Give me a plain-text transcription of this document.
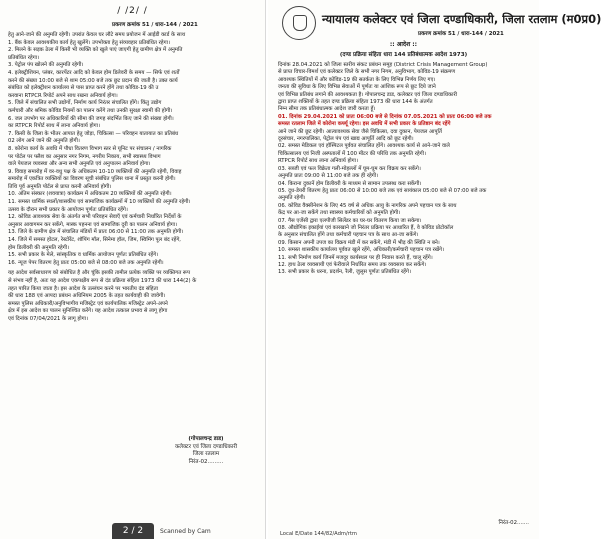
/ /2/ /
प्रकरण क्रमांक 51 / धारा-144 / 2021
हेतु आने-जाने की अनुमति रहेगी। उपरांत केवल घर लौटे समय प्रयोजन में आईडी कार्ड के साथ
1. बैंक केवल आवश्यकीय कार्य हेतु खुलेंगे। उपभोक्ता हेतु संव्यवहार प्रतिबंधित रहेगा।
2. मिलने के सड़क ठेला में किसी भी व्यक्ति को खुले पाएं जाएगी हेतु ग्रामीण क्षेत्र में अनुमति
प्रतिबंधित रहेगा।
3. पेट्रोल पंप खोलने की अनुमति रहेगी।
4. इलेक्ट्रीशियन, प्लंबर, कारपेंटर आदि को केवल होम डिलेवरी के समय — सिर्फ एवं शर्तों
करने की संख्या 10:00 बजे से शाम 05:00 बजे तक छूट प्रदान की जाती है। उक्त कार्य
संबंधित को इलेक्ट्रीशन कार्यालय से पास प्राप्त करने होंगे तथा कोविड-19 की उ
करवाना RTPCR रिपोर्ट अपने साथ रखना अनिवार्य होगा।
5. जिले में संचालित सभी उद्योगों, निर्माण कार्य निरंतर संचालित होंगे। किंतु उद्योग
कर्मचारी और श्रमिक कोविड नियमों का पालन करेंगे तथा उनकी सुरक्षा स्वामी की होगी।
6. जल उपभोग पर अधिकारियों की सीमा की जगह संदर्भित किए जाने की संख्या होगी।
का RTPCR रिपोर्ट साथ में लाना अनिवार्य होगा।
7. किसी के जिला के भीतर आपात हेतु जोड़ा, चिकित्सा — परिवहन यातायात का प्रतिबंध
02 लोग आने जाने की अनुमति होगी।
8. कोरोना कार्य के अवधि में पौधा वितरण विभाग स्तर से यूनिट पर संचालन / नागरिक
पर पोर्टल पर फ्लैश का अनुसार नगर निगम, नगरीय निकाय, सभी स्वास्थ्य विभाग
वाले पेयजल व्यवस्था और अन्य सभी अनुमति एवं अनुपालन अनिवार्य होगा।
9. विवाह समारोह में वर-वधु पक्ष के अधिकतम 10-10 व्यक्तियों की अनुमति रहेगी, विवाह
समारोह में एकत्रित व्यक्तियों का विवरण सूची संबंधित पुलिस थाना में प्रस्तुत करनी होगी।
तिथि पूर्व अनुमति पोर्टल से प्राप्त करनी अनिवार्य होगी।
10. अंतिम संस्कार (शवयात्रा) कार्यक्रम में अधिकतम 20 व्यक्तियों की अनुमति रहेगी।
11. समस्त धार्मिक स्थलों/शासकीय एवं सामाजिक कार्यक्रमों में 10 व्यक्तियों की अनुमति रहेगी।
उत्सव के दौरान सभी प्रकार के आयोजन पूर्णतः प्रतिबंधित रहेंगे।
12. कोविड आवश्यक सेवा के अंतर्गत सभी परिवहन सेवाएँ एवं कर्मचारी निर्धारित निर्देशों के
अनुसार आवागमन कर सकेंगे, मास्क पहनना एवं सामाजिक दूरी का पालन अनिवार्य होगा।
13. जिले के ग्रामीण क्षेत्र में संचालित मंडियों में प्रातः 06:00 से 11:00 तक अनुमति होगी।
14. जिले में समस्त होटल, रेस्टोरेंट, शॉपिंग मॉल, सिनेमा हॉल, जिम, स्विमिंग पूल बंद रहेंगे,
होम डिलीवरी की अनुमति रहेगी।
15. सभी प्रकार के मेले, सांस्कृतिक व धार्मिक आयोजन पूर्णतः प्रतिबंधित रहेंगे।
16. न्यूज पेपर वितरण हेतु प्रातः 05:00 बजे से 08:00 बजे तक अनुमति रहेगी।
यह आदेश सर्वसाधारण को संबोधित है और चूंकि इसकी तामील प्रत्येक व्यक्ति पर व्यक्तिगत रूप
से संभव नहीं है, अतः यह आदेश एकपक्षीय रूप से दंड प्रक्रिया संहिता 1973 की धारा 144(2) के
तहत पारित किया जाता है। इस आदेश के उल्लंघन करने पर भारतीय दंड संहिता
की धारा 188 एवं आपदा प्रबंधन अधिनियम 2005 के तहत कार्यवाही की जावेगी।
समस्त पुलिस अधिकारी/अनुविभागीय मजिस्ट्रेट एवं कार्यपालिक मजिस्ट्रेट अपने-अपने
क्षेत्र में इस आदेश का पालन सुनिश्चित करेंगे। यह आदेश तत्काल प्रभाव से लागू होगा
एवं दिनांक 07/04/2021 के लागू होगा।
(गोपालचन्द्र डाड)
कलेक्टर एवं जिला दण्डाधिकारी
जिला रतलाम
निरंत-02.........
2 / 2	Scanned by Cam
न्यायालय कलेक्टर एवं जिला दण्डाधिकारी, जिला रतलाम (म0प्र0)
प्रकरण क्रमांक 51 / धारा-144 / 2021
:: आदेश ::
(दण्ड प्रक्रिया संहिता धारा 144 प्रतिबंधात्मक आदेश 1973)
दिनांक 28.04.2021 को जिला स्तरीय संकट प्रबंधन समूह (District Crisis Management Group)
से प्राप्त विचार-विमर्श एवं कलेक्टर जिले के सभी नगर निगम, अनुविभाग, कोविड-19 संक्रमण
आवश्यक स्थितियों में और कोविड-19 की सतर्कता के लिए विभिन्न निर्णय लिए गए।
जनता की सुविधा के लिए विभिन्न सेवाओं में पूर्णतः या आंशिक रूप से छूट दिये जाने
एवं विभिन्न प्रतिबंध लगाने की आवश्यकता है। गोपालचन्द्र डाड, कलेक्टर एवं जिला दण्डाधिकारी
द्वारा प्राप्त शक्तियों के तहत दण्ड प्रक्रिया संहिता 1973 की धारा 144 के अंतर्गत
निम्न सीमा तक प्रतिबंधात्मक आदेश जारी करता हूँ।
01. दिनांक 29.04.2021 को प्रातः 06:00 बजे से दिनांक 07.05.2021 को प्रातः 06:00 बजे तक
समस्त रतलाम जिले में कोरोना कर्फ्यू रहेगा। इस अवधि में सभी प्रकार के प्रतिष्ठान बंद रहेंगे
आने जाने की छूट रहेगी। आत्यावश्यक सेवा जैसे चिकित्सा, दवा दुकान, पेयजल आपूर्ति
दूरसंचार, नगरपालिका, पेट्रोल पंप एवं खाद्य आपूर्ति आदि को छूट रहेगी।
02. समस्त मेडिकल एवं हॉस्पिटल पूर्ववत संचालित होंगे। आवश्यक कार्य से आने-जाने वाले
चिकित्सालय एवं निजी अस्पतालों में 100 मीटर की परिधि तक अनुमति रहेगी।
RTPCR रिपोर्ट साथ लाना अनिवार्य होगा।
03. सब्जी एवं फल विक्रेता गली-मोहल्लों में घूम-घूम कर विक्रय कर सकेंगे।
अनुमति प्रातः 09:00 से 11:00 बजे तक ही रहेगी।
04. किराना दुकानें होम डिलीवरी के माध्यम से सामान उपलब्ध करा सकेंगी।
05. दूध-डेयरी वितरण हेतु प्रातः 06:00 से 10:00 बजे तक एवं सायंकाल 05:00 बजे से 07:00 बजे तक
अनुमति रहेगी।
06. कोविड वैक्सीनेशन के लिए 45 वर्ष से अधिक आयु के नागरिक अपने पहचान पत्र के साथ
केंद्र पर आ-जा सकेंगे तथा स्वास्थ्य कर्मचारियों को अनुमति होगी।
07. गैस एजेंसी द्वारा एलपीजी सिलेंडर का घर-घर वितरण किया जा सकेगा।
08. औद्योगिक इकाईयां एवं कारखाने जो निरंतर प्रक्रिया पर आधारित हैं, वे कोविड प्रोटोकॉल
के अनुसार संचालित होंगे तथा कर्मचारी पहचान पत्र के साथ आ-जा सकेंगे।
09. किसान अपनी उपज का विक्रय मंडी में कर सकेंगे, मंडी में भीड़ की स्थिति न बने।
10. समस्त शासकीय कार्यालय पूर्ववत खुले रहेंगे, अधिकारी/कर्मचारी पहचान पत्र रखेंगे।
11. सभी निर्माण कार्य जिनमें मजदूर कार्यस्थल पर ही निवास करते हैं, चालू रहेंगे।
12. हाथ ठेला व्यवसायी एवं फेरीवाले निर्धारित समय तक व्यवसाय कर सकेंगे।
13. सभी प्रकार के धरना, प्रदर्शन, रैली, जुलूस पूर्णतः प्रतिबंधित रहेंगे।
निरंत-02.......
Local E/Date 144/82/Adm/rtm
